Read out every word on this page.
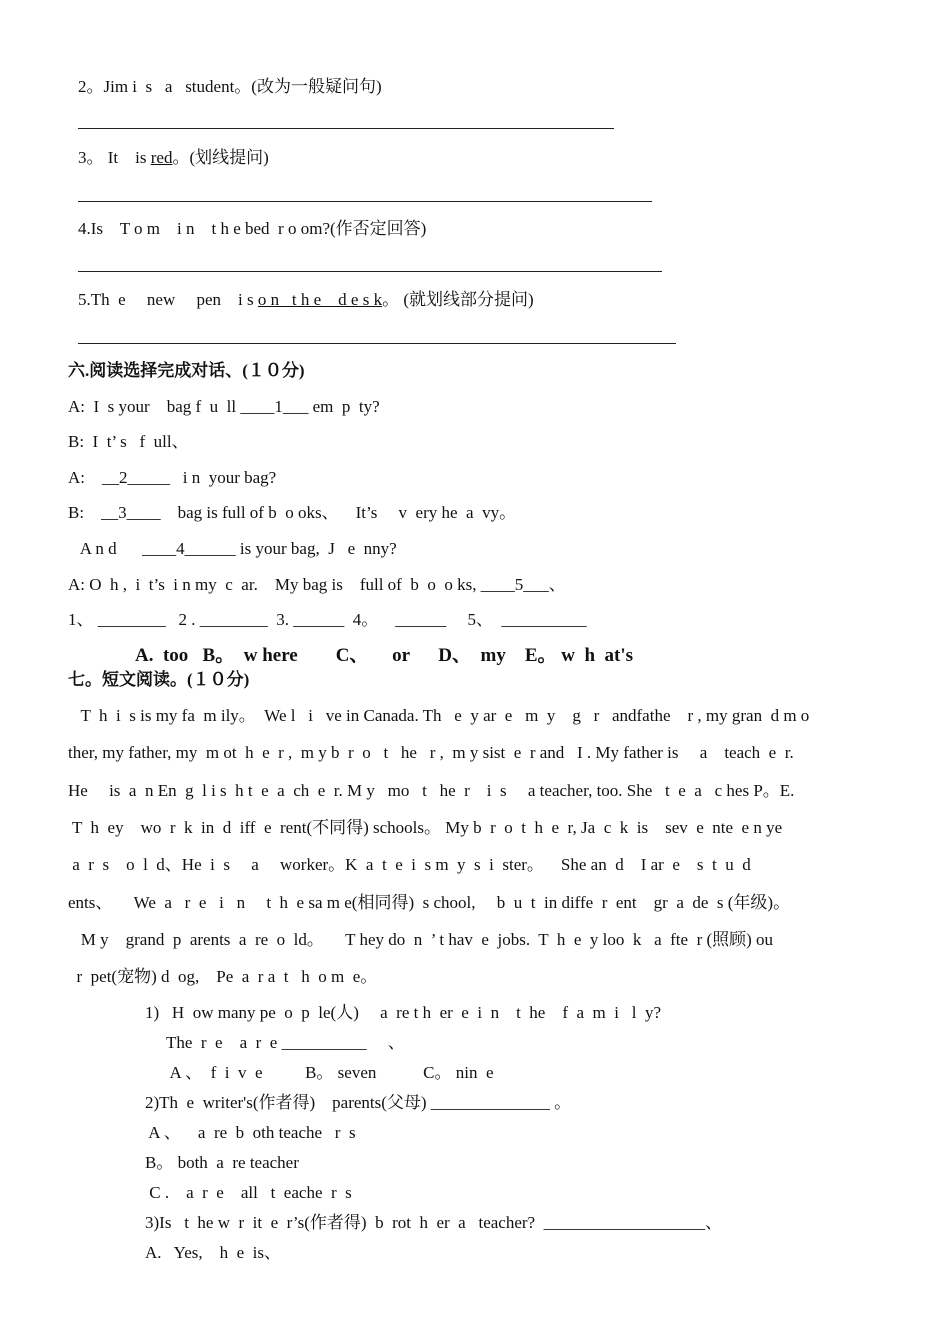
2。Jim i  s   a   student。(改为一般疑问句)
3。 It    is red。(划线提问)
4.Is    T o m    i n    t h e bed  r o om?(作否定回答)
5.Th  e     new     pen    i s o n   t h e    d e s k。 (就划线部分提问)
六.阅读选择完成对话、(１０分)
A:  I  s your    bag f  u  ll ____1___ em  p  ty?
B:  I  t’ s   f  ull、
A:    __2_____   i n  your bag?
B:    __3____    bag is full of b  o oks、    It’s     v  ery he  a  vy。
A n d      ____4______ is your bag,  J   e  nny?
A: O  h ,  i  t’s  i n my  c  ar.    My bag is    full of  b  o  o ks, ____5___、
1、 ________   2 . ________  3. ______  4。    ______     5、  __________
A.  too   B。  w here        C、     or      D、  my    E。 w  h  at's
七。短文阅读。(１０分)
T  h  i  s is my fa  m ily。  We l   i   ve in Canada. Th   e  y ar  e   m  y    g   r   andfathe    r , my gran  d m o
ther, my father, my  m ot  h  e  r ,  m y b  r  o   t   he   r ,  m y sist  e  r and   I . My father is     a    teach  e  r.
He     is  a  n En  g  l i s  h t  e  a  ch  e  r. M y   mo   t   he  r    i  s     a teacher, too. She   t  e  a   c hes P。E.
T  h  ey    wo  r  k  in  d  iff  e  rent(不同得) schools。 My b  r  o  t  h  e  r, Ja  c  k  is    sev  e  nte  e n ye
a  r  s    o  l  d、He  i  s     a     worker。K  a  t  e  i  s m  y  s  i  ster。    She an  d    I ar  e    s  t  u  d
ents、     We  a   r  e   i   n     t  h  e sa m e(相同得)  s chool,     b  u  t  in diffe  r  ent    gr  a  de  s (年级)。
M y    grand  p  arents  a  re  o  ld。     T hey do  n  ’ t hav  e  jobs.  T  h  e  y loo  k   a  fte  r (照顾) ou
r  pet(宠物) d  og,    Pe  a  r a  t   h  o m  e。
1)   H  ow many pe  o  p  le(人)     a  re t h  er  e  i  n    t  he    f  a  m  i   l  y?
The  r  e    a  r  e __________     、
A 、  f  i  v  e          B。 seven           C。 nin  e
2)Th  e  writer's(作者得)    parents(父母) ______________ 。
A 、    a  re  b  oth teache   r  s
B。 both  a  re teacher
C .    a  r  e    all   t  eache  r  s
3)Is   t  he w  r  it  e  r’s(作者得)  b  rot  h  er  a   teacher?  ___________________、
A.   Yes,    h  e  is、
